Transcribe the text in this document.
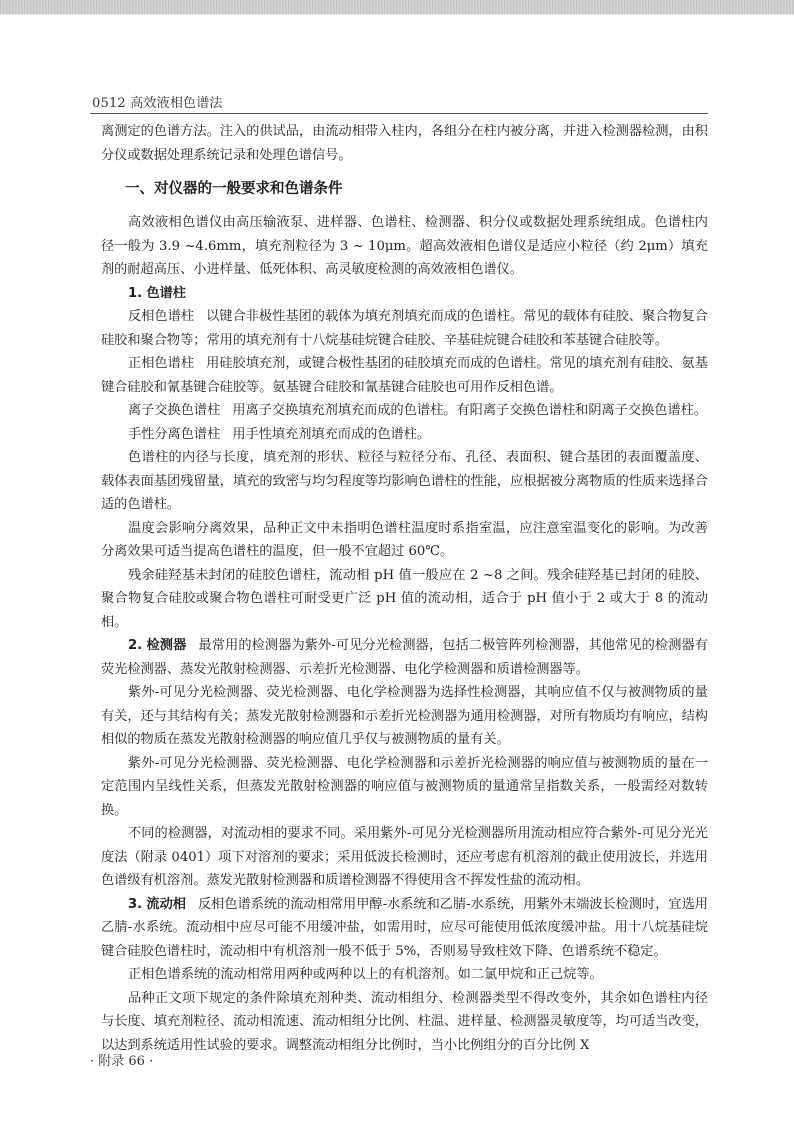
0512 高效液相色谱法

离测定的色谱方法。注入的供试品，由流动相带入柱内，各组分在柱内被分离，并进入检测器检测，由积分仪或数据处理系统记录和处理色谱信号。

一、对仪器的一般要求和色谱条件

高效液相色谱仪由高压输液泵、进样器、色谱柱、检测器、积分仪或数据处理系统组成。色谱柱内径一般为 3.9 ~4.6mm，填充剂粒径为 3 ~ 10μm。超高效液相色谱仪是适应小粒径（约 2μm）填充剂的耐超高压、小进样量、低死体积、高灵敏度检测的高效液相色谱仪。

1. 色谱柱

反相色谱柱 以键合非极性基团的载体为填充剂填充而成的色谱柱。常见的载体有硅胶、聚合物复合硅胶和聚合物等；常用的填充剂有十八烷基硅烷键合硅胶、辛基硅烷键合硅胶和苯基键合硅胶等。

正相色谱柱 用硅胶填充剂，或键合极性基团的硅胶填充而成的色谱柱。常见的填充剂有硅胶、氨基键合硅胶和氰基键合硅胶等。氨基键合硅胶和氰基键合硅胶也可用作反相色谱。

离子交换色谱柱 用离子交换填充剂填充而成的色谱柱。有阳离子交换色谱柱和阴离子交换色谱柱。

手性分离色谱柱 用手性填充剂填充而成的色谱柱。

色谱柱的内径与长度，填充剂的形状、粒径与粒径分布、孔径、表面积、键合基团的表面覆盖度、载体表面基团残留量，填充的致密与均匀程度等均影响色谱柱的性能，应根据被分离物质的性质来选择合适的色谱柱。

温度会影响分离效果，品种正文中未指明色谱柱温度时系指室温，应注意室温变化的影响。为改善分离效果可适当提高色谱柱的温度，但一般不宜超过 60℃。

残余硅羟基未封闭的硅胶色谱柱，流动相 pH 值一般应在 2 ~8 之间。残余硅羟基已封闭的硅胶、聚合物复合硅胶或聚合物色谱柱可耐受更广泛 pH 值的流动相，适合于 pH 值小于 2 或大于 8 的流动相。

2. 检测器 最常用的检测器为紫外-可见分光检测器，包括二极管阵列检测器，其他常见的检测器有荧光检测器、蒸发光散射检测器、示差折光检测器、电化学检测器和质谱检测器等。

紫外-可见分光检测器、荧光检测器、电化学检测器为选择性检测器，其响应值不仅与被测物质的量有关，还与其结构有关；蒸发光散射检测器和示差折光检测器为通用检测器，对所有物质均有响应，结构相似的物质在蒸发光散射检测器的响应值几乎仅与被测物质的量有关。

紫外-可见分光检测器、荧光检测器、电化学检测器和示差折光检测器的响应值与被测物质的量在一定范围内呈线性关系，但蒸发光散射检测器的响应值与被测物质的量通常呈指数关系，一般需经对数转换。

不同的检测器，对流动相的要求不同。采用紫外-可见分光检测器所用流动相应符合紫外-可见分光光度法（附录 0401）项下对溶剂的要求；采用低波长检测时，还应考虑有机溶剂的截止使用波长，并选用色谱级有机溶剂。蒸发光散射检测器和质谱检测器不得使用含不挥发性盐的流动相。

3. 流动相 反相色谱系统的流动相常用甲醇-水系统和乙腈-水系统，用紫外末端波长检测时，宜选用乙腈-水系统。流动相中应尽可能不用缓冲盐，如需用时，应尽可能使用低浓度缓冲盐。用十八烷基硅烷键合硅胶色谱柱时，流动相中有机溶剂一般不低于 5%，否则易导致柱效下降、色谱系统不稳定。

正相色谱系统的流动相常用两种或两种以上的有机溶剂。如二氯甲烷和正己烷等。

品种正文项下规定的条件除填充剂种类、流动相组分、检测器类型不得改变外，其余如色谱柱内径与长度、填充剂粒径、流动相流速、流动相组分比例、柱温、进样量、检测器灵敏度等，均可适当改变，以达到系统适用性试验的要求。调整流动相组分比例时，当小比例组分的百分比例 X

· 附录 66 ·
